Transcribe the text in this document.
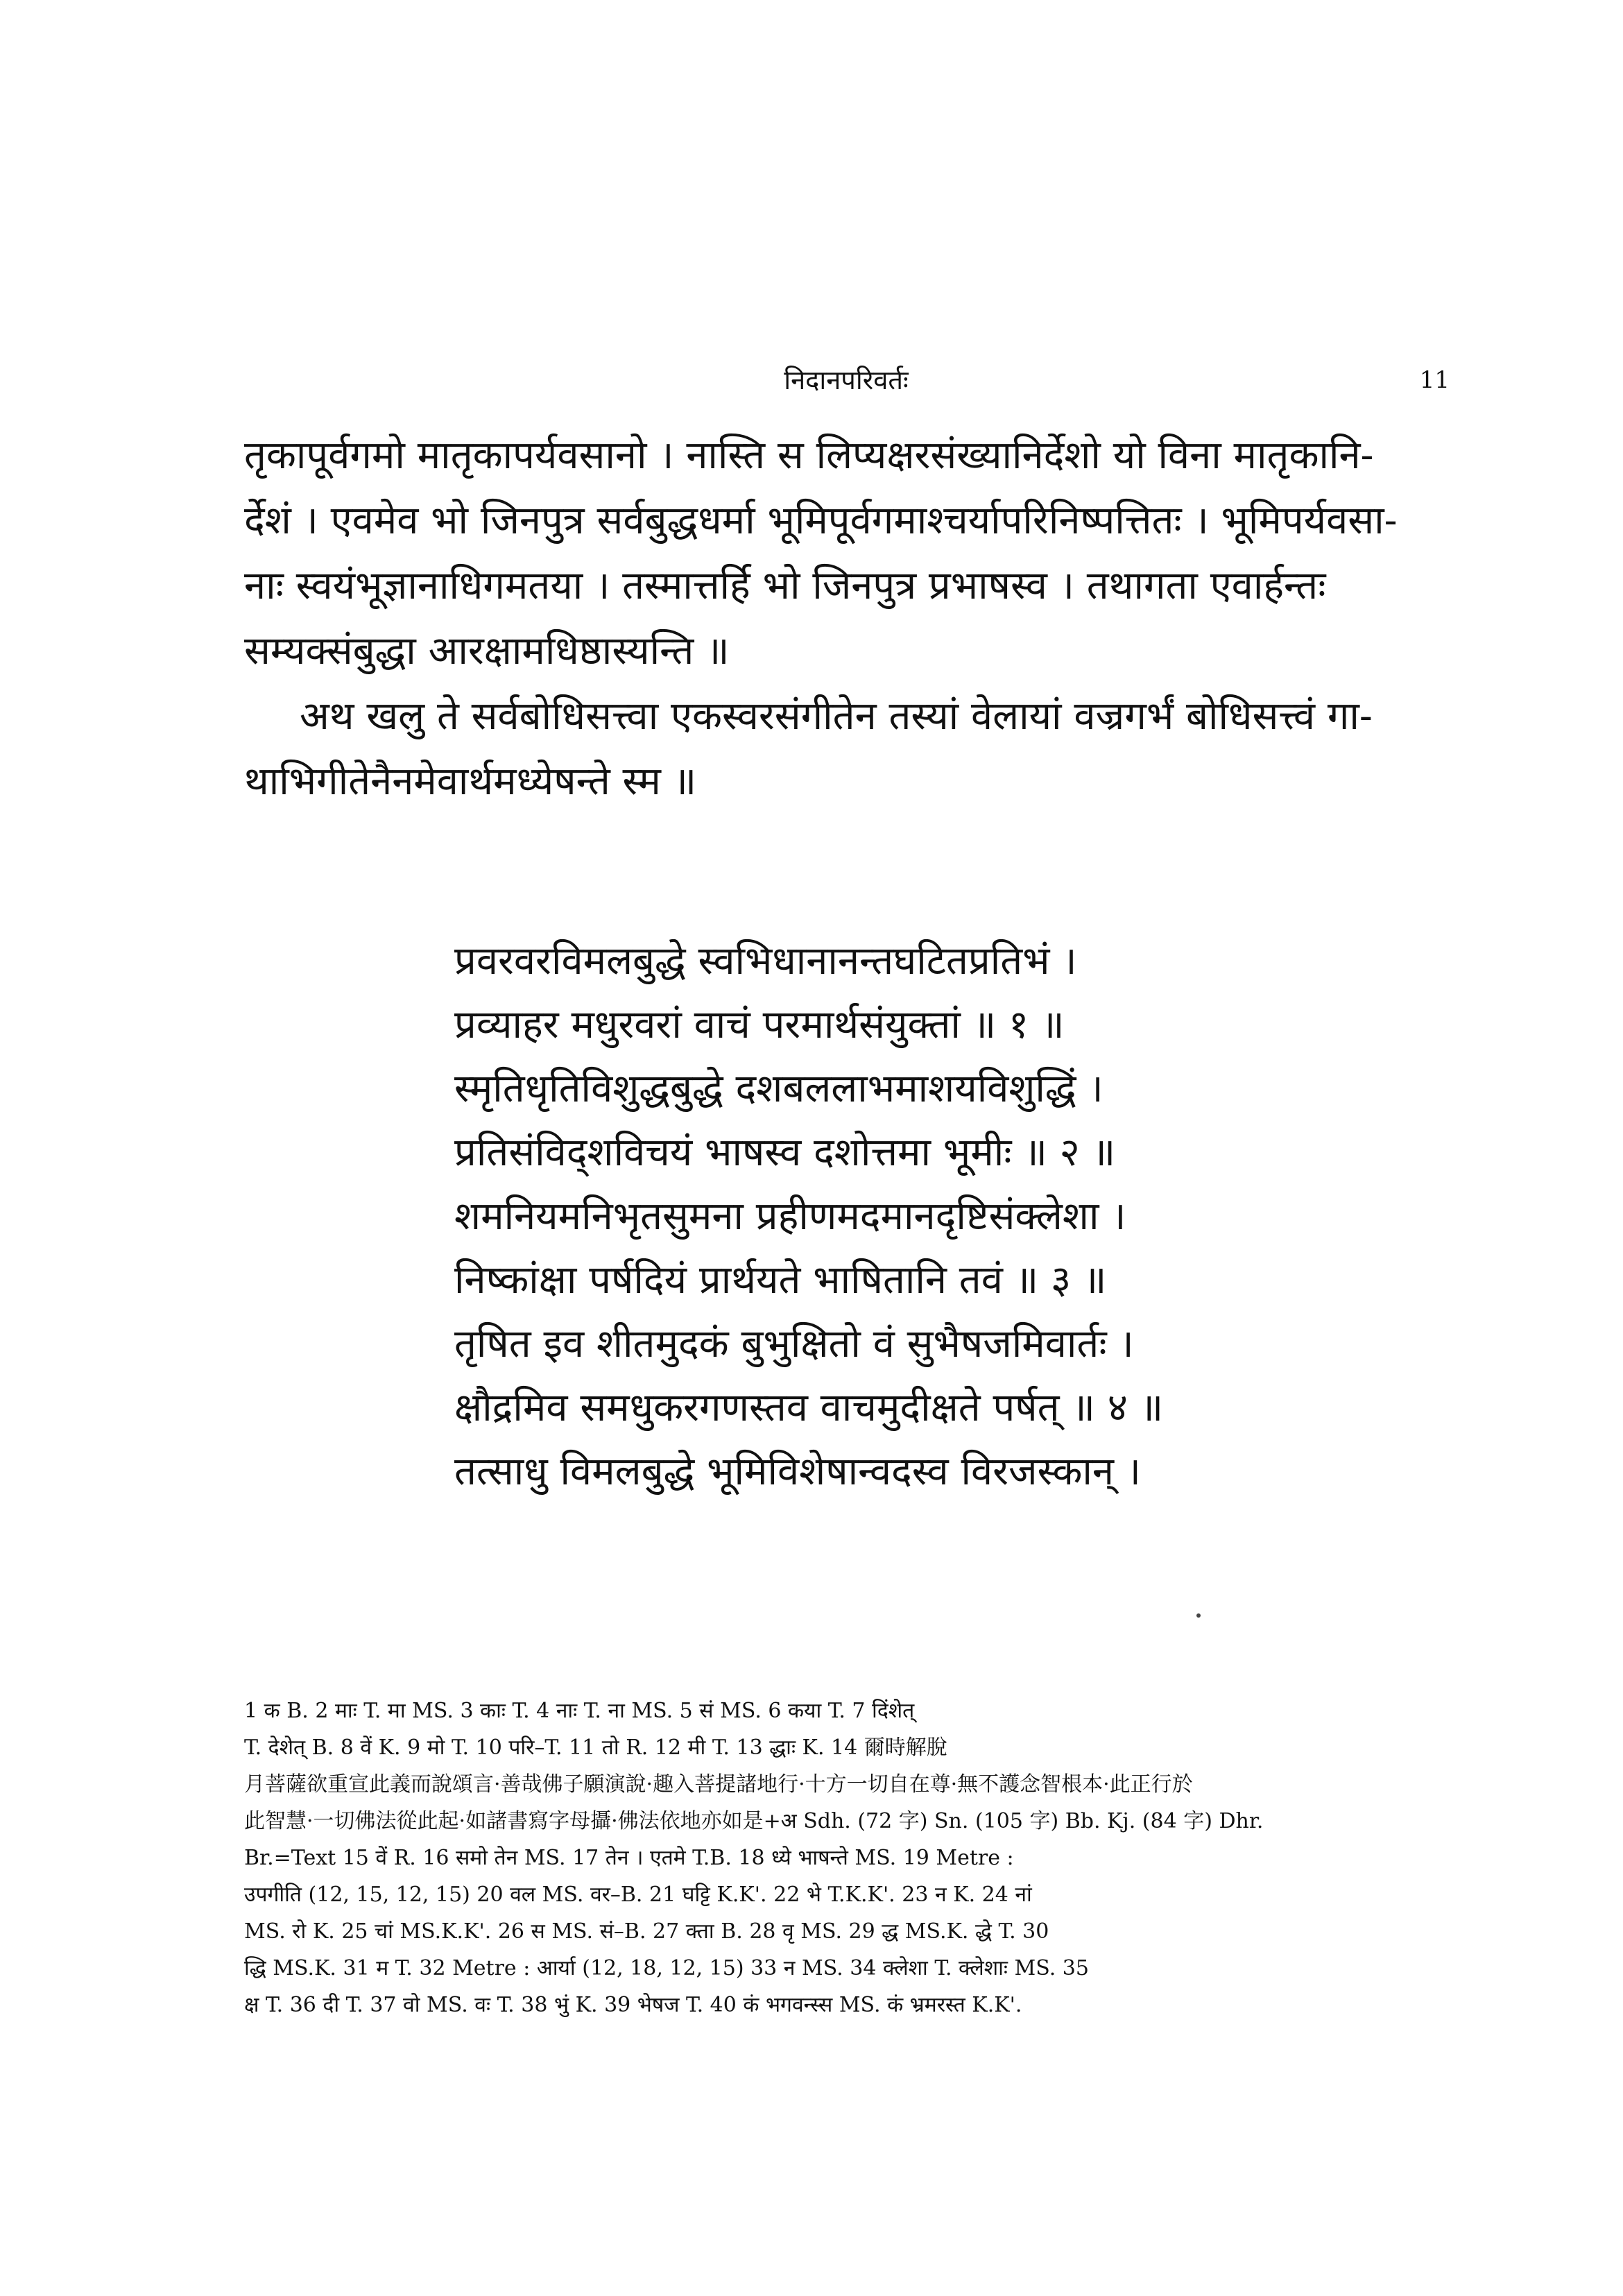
निदानपरिवर्तः	11
तृकापूर्वगमो मातृकापर्यवसानो । नास्ति स लिप्यक्षरसंख्यानिर्देशो यो विना मातृकानि-
र्देशं । एवमेव भो जिनपुत्र सर्वबुद्धधर्मा भूमिपूर्वगमाश्चर्यापरिनिष्पत्तितः । भूमिपर्यवसा-
नाः स्वयंभूज्ञानाधिगमतया । तस्मात्तर्हि भो जिनपुत्र प्रभाषस्व । तथागता एवार्हन्तः
सम्यक्संबुद्धा आरक्षामधिष्ठास्यन्ति ॥
अथ खलु ते सर्वबोधिसत्त्वा एकस्वरसंगीतेन तस्यां वेलायां वज्रगर्भं बोधिसत्त्वं गा-
थाभिगीतेनैनमेवार्थमध्येषन्ते स्म ॥
प्रवरवरविमलबुद्धे स्वभिधानानन्तघटितप्रतिभं ।
प्रव्याहर मधुरवरां वाचं परमार्थसंयुक्तां ॥ १ ॥
स्मृतिधृतिविशुद्धबुद्धे दशबललाभमाशयविशुद्धिं ।
प्रतिसंविद्शविचयं भाषस्व दशोत्तमा भूमीः ॥ २ ॥
शमनियमनिभृतसुमना प्रहीणमदमानदृष्टिसंक्लेशा ।
निष्कांक्षा पर्षदियं प्रार्थयते भाषितानि तवं ॥ ३ ॥
तृषित इव शीतमुदकं बुभुक्षितो वं सुभैषजमिवार्तः ।
क्षौद्रमिव समधुकरगणस्तव वाचमुदीक्षते पर्षत् ॥ ४ ॥
तत्साधु विमलबुद्धे भूमिविशेषान्वदस्व विरजस्कान् ।
1 क B. 2 माः T. मा MS. 3 काः T. 4 नाः T. ना MS. 5 सं MS. 6 कया T. 7 दिंशेत्
T. देशेत् B. 8 वें K. 9 मो T. 10 परि–T. 11 तो R. 12 मी T. 13 द्धाः K. 14 爾時解脫
月菩薩欲重宣此義而說頌言·善哉佛子願演說·趣入菩提諸地行·十方一切自在尊·無不護念智根本·此正行於
此智慧·一切佛法從此起·如諸書寫字母攝·佛法依地亦如是+अ Sdh. (72 字) Sn. (105 字) Bb. Kj. (84 字) Dhr.
Br.=Text 15 वें R. 16 समो तेन MS. 17 तेन । एतमे T.B. 18 ध्ये भाषन्ते MS. 19 Metre :
उपगीति (12, 15, 12, 15) 20 वल MS. वर–B. 21 घट्टि K.K'. 22 भे T.K.K'. 23 न K. 24 नां
MS. रो K. 25 चां MS.K.K'. 26 स MS. सं–B. 27 क्ता B. 28 वृ MS. 29 द्ध MS.K. द्धे T. 30
द्धि MS.K. 31 म T. 32 Metre : आर्या (12, 18, 12, 15) 33 न MS. 34 क्लेशा T. क्लेशाः MS. 35
क्ष T. 36 दी T. 37 वो MS. वः T. 38 भुं K. 39 भेषज T. 40 कं भगवन्स्स MS. कं भ्रमरस्त K.K'.
